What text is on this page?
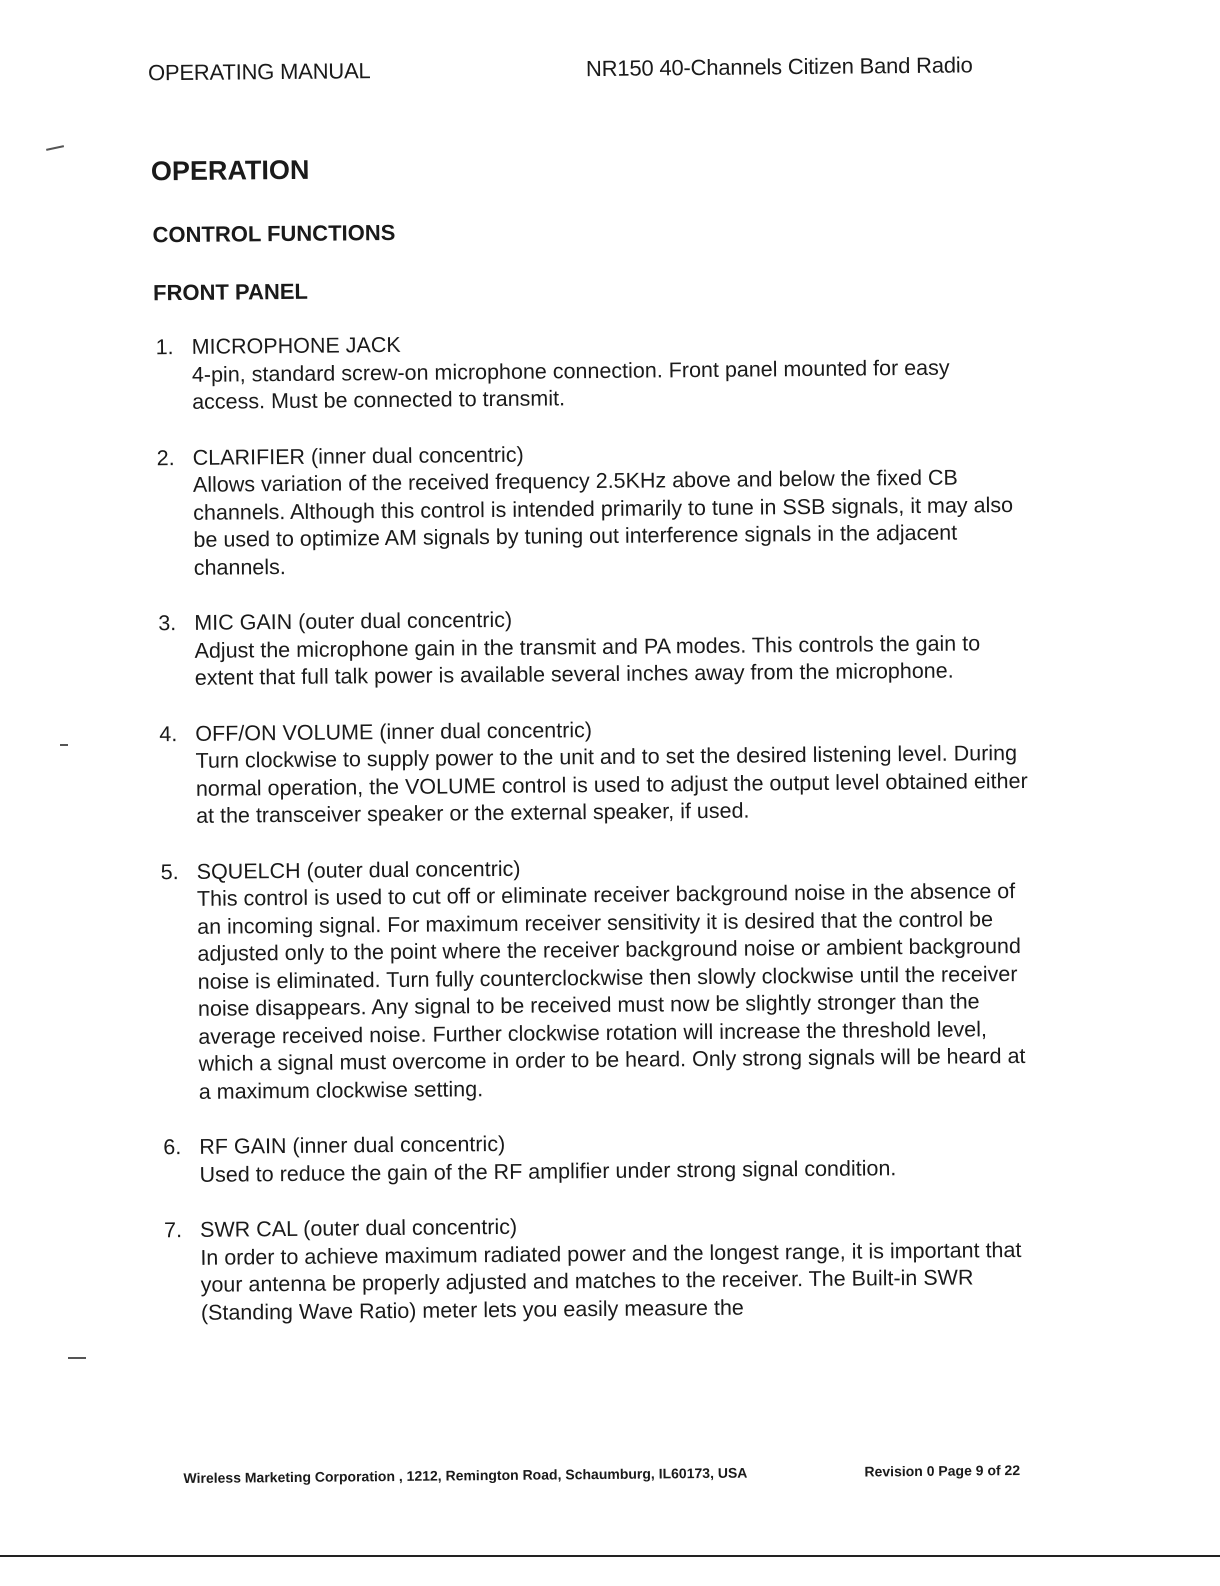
OPERATING MANUAL	NR150 40-Channels Citizen Band Radio
OPERATION
CONTROL FUNCTIONS
FRONT PANEL
1. MICROPHONE JACK
4-pin, standard screw-on microphone connection. Front panel mounted for easy access. Must be connected to transmit.
2. CLARIFIER (inner dual concentric)
Allows variation of the received frequency 2.5KHz above and below the fixed CB channels. Although this control is intended primarily to tune in SSB signals, it may also be used to optimize AM signals by tuning out interference signals in the adjacent channels.
3. MIC GAIN (outer dual concentric)
Adjust the microphone gain in the transmit and PA modes. This controls the gain to extent that full talk power is available several inches away from the microphone.
4. OFF/ON VOLUME (inner dual concentric)
Turn clockwise to supply power to the unit and to set the desired listening level. During normal operation, the VOLUME control is used to adjust the output level obtained either at the transceiver speaker or the external speaker, if used.
5. SQUELCH (outer dual concentric)
This control is used to cut off or eliminate receiver background noise in the absence of an incoming signal. For maximum receiver sensitivity it is desired that the control be adjusted only to the point where the receiver background noise or ambient background noise is eliminated. Turn fully counterclockwise then slowly clockwise until the receiver noise disappears. Any signal to be received must now be slightly stronger than the average received noise. Further clockwise rotation will increase the threshold level, which a signal must overcome in order to be heard. Only strong signals will be heard at a maximum clockwise setting.
6. RF GAIN (inner dual concentric)
Used to reduce the gain of the RF amplifier under strong signal condition.
7. SWR CAL (outer dual concentric)
In order to achieve maximum radiated power and the longest range, it is important that your antenna be properly adjusted and matches to the receiver. The Built-in SWR (Standing Wave Ratio) meter lets you easily measure the
Wireless Marketing Corporation , 1212, Remington Road, Schaumburg, IL60173, USA	Revision 0 Page 9 of 22
